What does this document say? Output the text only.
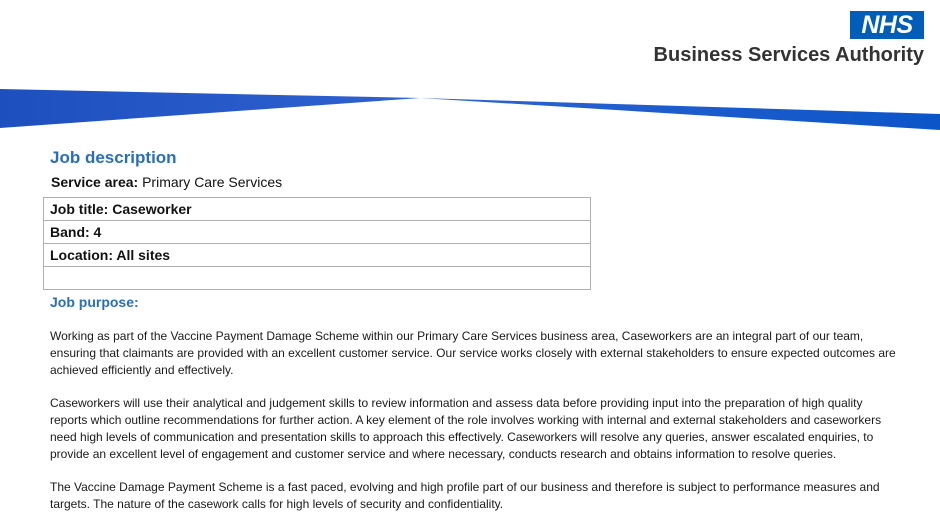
NHS
Business Services Authority
Job description
Service area: Primary Care Services
Job title: Caseworker
Band: 4
Location: All sites

Job purpose:

Working as part of the Vaccine Payment Damage Scheme within our Primary Care Services business area, Caseworkers are an integral part of our team, ensuring that claimants are provided with an excellent customer service. Our service works closely with external stakeholders to ensure expected outcomes are achieved efficiently and effectively.

Caseworkers will use their analytical and judgement skills to review information and assess data before providing input into the preparation of high quality reports which outline recommendations for further action. A key element of the role involves working with internal and external stakeholders and caseworkers need high levels of communication and presentation skills to approach this effectively. Caseworkers will resolve any queries, answer escalated enquiries, to provide an excellent level of engagement and customer service and where necessary, conducts research and obtains information to resolve queries.

The Vaccine Damage Payment Scheme is a fast paced, evolving and high profile part of our business and therefore is subject to performance measures and targets. The nature of the casework calls for high levels of security and confidentiality.
